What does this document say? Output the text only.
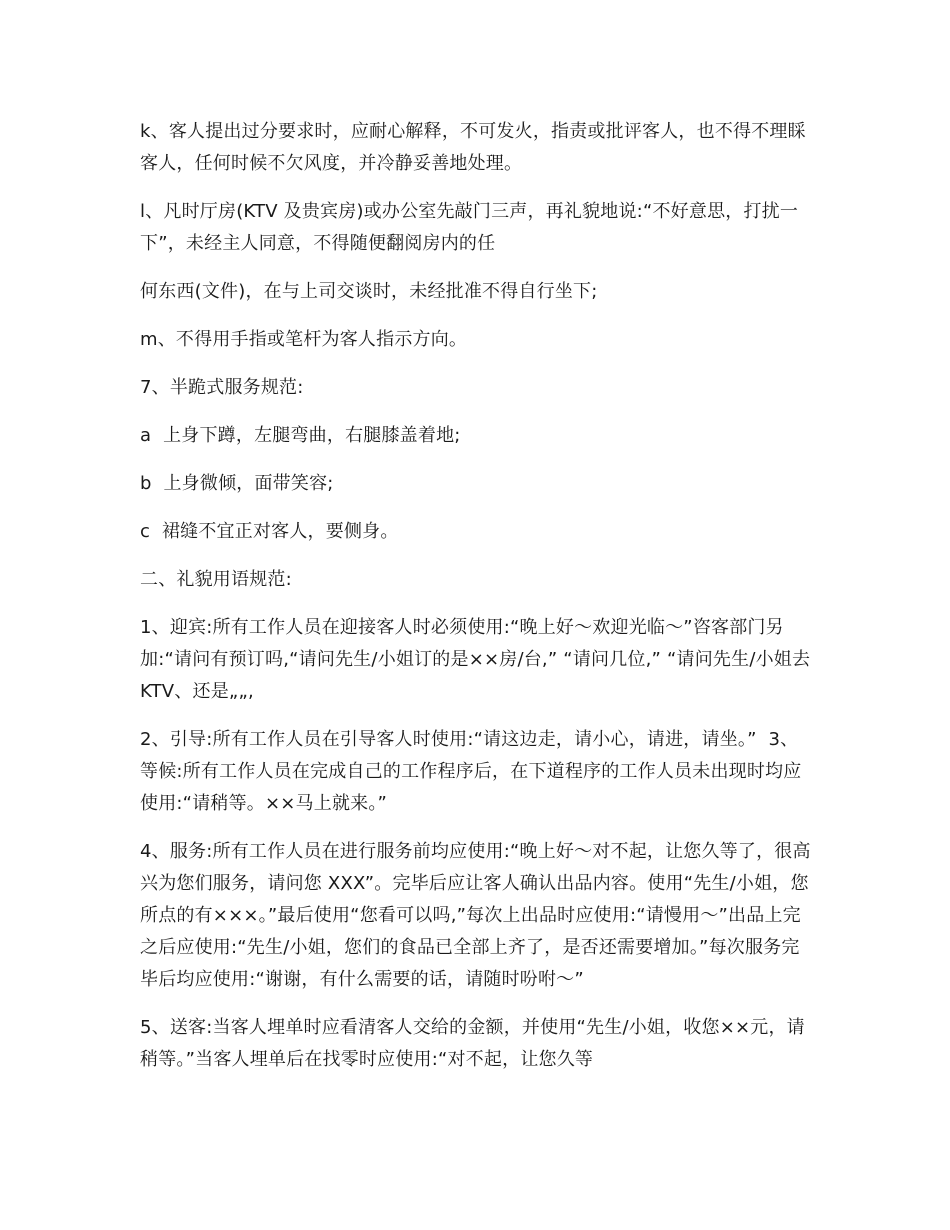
k、客人提出过分要求时，应耐心解释，不可发火，指责或批评客人，也不得不理睬客人，任何时候不欠风度，并冷静妥善地处理。

l、凡时厅房(KTV 及贵宾房)或办公室先敲门三声，再礼貌地说:“不好意思，打扰一下”，未经主人同意，不得随便翻阅房内的任

何东西(文件)，在与上司交谈时，未经批准不得自行坐下;

m、不得用手指或笔杆为客人指示方向。

7、半跪式服务规范:

a  上身下蹲，左腿弯曲，右腿膝盖着地;

b  上身微倾，面带笑容;

c  裙缝不宜正对客人，要侧身。

二、礼貌用语规范:

1、迎宾:所有工作人员在迎接客人时必须使用:“晚上好～欢迎光临～”咨客部门另加:“请问有预订吗,“请问先生/小姐订的是××房/台,” “请问几位,” “请问先生/小姐去 KTV、还是„„,

2、引导:所有工作人员在引导客人时使用:“请这边走，请小心，请进，请坐。”  3、等候:所有工作人员在完成自己的工作程序后，在下道程序的工作人员未出现时均应使用:“请稍等。××马上就来。”

4、服务:所有工作人员在进行服务前均应使用:“晚上好～对不起，让您久等了，很高兴为您们服务，请问您 XXX”。完毕后应让客人确认出品内容。使用“先生/小姐，您所点的有×××。”最后使用“您看可以吗,”每次上出品时应使用:“请慢用～”出品上完之后应使用:“先生/小姐，您们的食品已全部上齐了，是否还需要增加。”每次服务完毕后均应使用:“谢谢，有什么需要的话，请随时吩咐～”

5、送客:当客人埋单时应看清客人交给的金额，并使用“先生/小姐，收您××元，请稍等。”当客人埋单后在找零时应使用:“对不起，让您久等
